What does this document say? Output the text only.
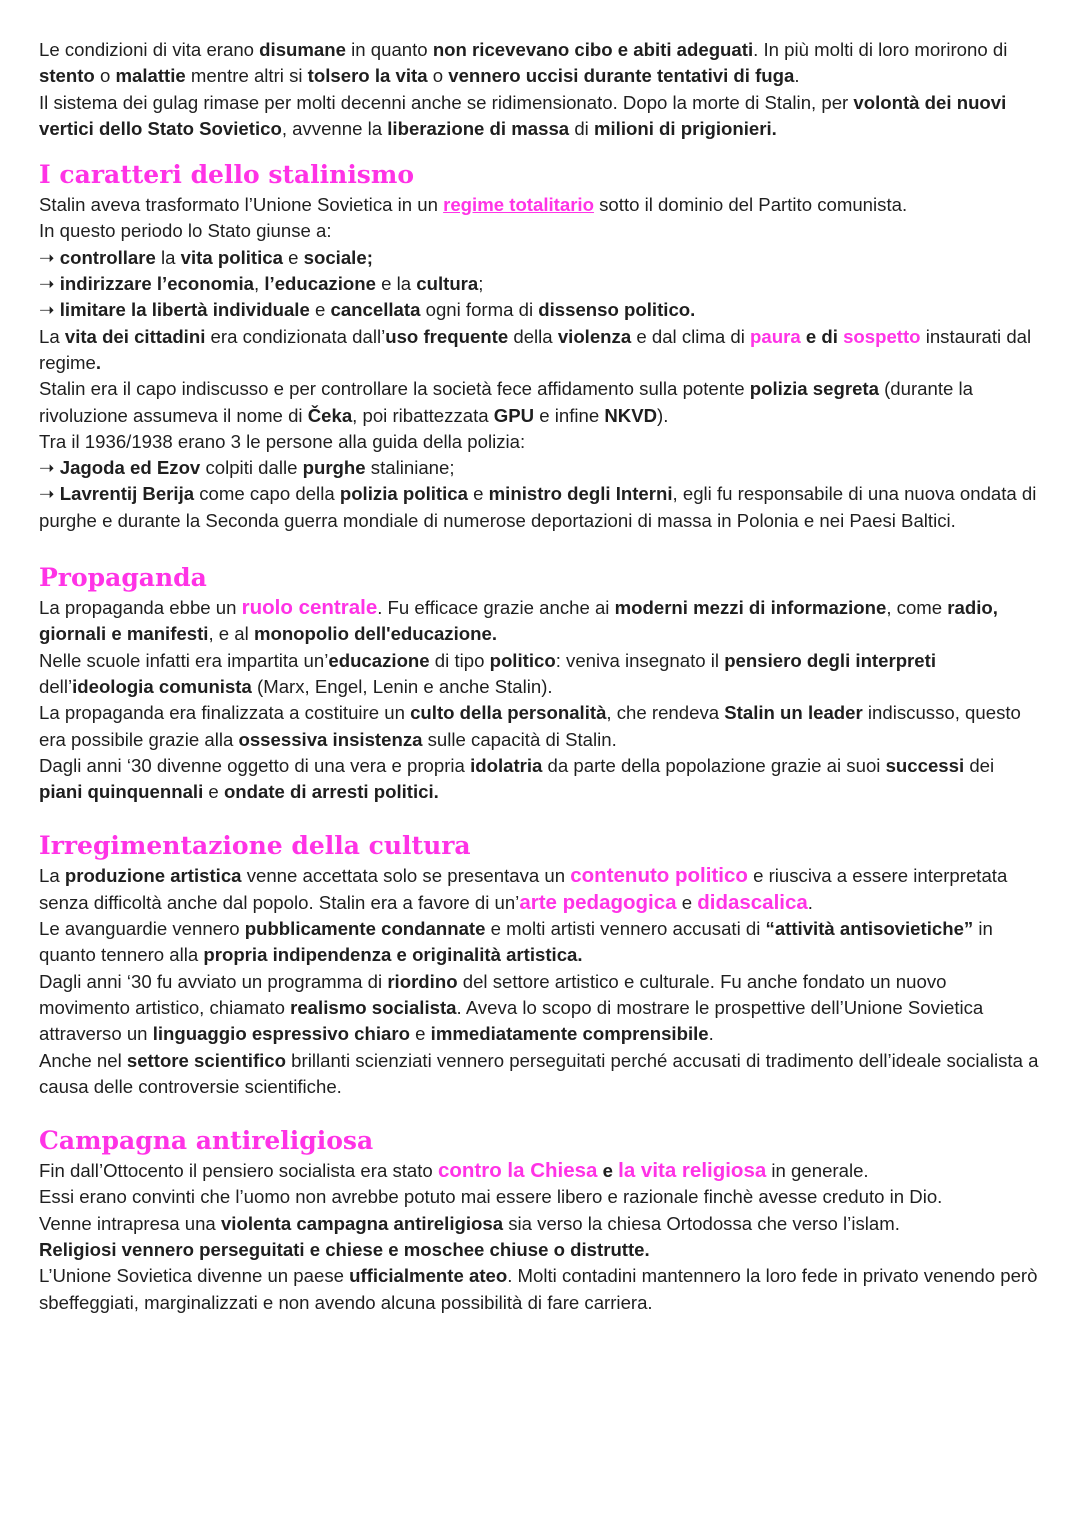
Le condizioni di vita erano disumane in quanto non ricevevano cibo e abiti adeguati. In più molti di loro morirono di stento o malattie mentre altri si tolsero la vita o vennero uccisi durante tentativi di fuga.

Il sistema dei gulag rimase per molti decenni anche se ridimensionato. Dopo la morte di Stalin, per volontà dei nuovi vertici dello Stato Sovietico, avvenne la liberazione di massa di milioni di prigionieri.

I caratteri dello stalinismo

Stalin aveva trasformato l’Unione Sovietica in un regime totalitario sotto il dominio del Partito comunista.

In questo periodo lo Stato giunse a:

➝ controllare la vita politica e sociale;

➝ indirizzare l’economia, l’educazione e la cultura;

➝ limitare la libertà individuale e cancellata ogni forma di dissenso politico.

La vita dei cittadini era condizionata dall’uso frequente della violenza e dal clima di paura e di sospetto instaurati dal regime.

Stalin era il capo indiscusso e per controllare la società fece affidamento sulla potente polizia segreta (durante la rivoluzione assumeva il nome di Čeka, poi ribattezzata GPU e infine NKVD).

Tra il 1936/1938 erano 3 le persone alla guida della polizia:

➝ Jagoda ed Ezov colpiti dalle purghe staliniane;

➝ Lavrentij Berija come capo della polizia politica e ministro degli Interni, egli fu responsabile di una nuova ondata di purghe e durante la Seconda guerra mondiale di numerose deportazioni di massa in Polonia e nei Paesi Baltici.

Propaganda

La propaganda ebbe un ruolo centrale. Fu efficace grazie anche ai moderni mezzi di informazione, come radio, giornali e manifesti, e al monopolio dell'educazione.

Nelle scuole infatti era impartita un’educazione di tipo politico: veniva insegnato il pensiero degli interpreti dell’ideologia comunista (Marx, Engel, Lenin e anche Stalin).

La propaganda era finalizzata a costituire un culto della personalità, che rendeva Stalin un leader indiscusso, questo era possibile grazie alla ossessiva insistenza sulle capacità di Stalin.

Dagli anni ‘30 divenne oggetto di una vera e propria idolatria da parte della popolazione grazie ai suoi successi dei piani quinquennali e ondate di arresti politici.

Irregimentazione della cultura

La produzione artistica venne accettata solo se presentava un contenuto politico e riusciva a essere interpretata senza difficoltà anche dal popolo. Stalin era a favore di un’arte pedagogica e didascalica.

Le avanguardie vennero pubblicamente condannate e molti artisti vennero accusati di “attività antisovietiche” in quanto tennero alla propria indipendenza e originalità artistica.

Dagli anni ‘30 fu avviato un programma di riordino del settore artistico e culturale. Fu anche fondato un nuovo movimento artistico, chiamato realismo socialista. Aveva lo scopo di mostrare le prospettive dell’Unione Sovietica attraverso un linguaggio espressivo chiaro e immediatamente comprensibile.

Anche nel settore scientifico brillanti scienziati vennero perseguitati perché accusati di tradimento dell’ideale socialista a causa delle controversie scientifiche.

Campagna antireligiosa

Fin dall’Ottocento il pensiero socialista era stato contro la Chiesa e la vita religiosa in generale.

Essi erano convinti che l’uomo non avrebbe potuto mai essere libero e razionale finchè avesse creduto in Dio.

Venne intrapresa una violenta campagna antireligiosa sia verso la chiesa Ortodossa che verso l’islam.

Religiosi vennero perseguitati e chiese e moschee chiuse o distrutte.

L’Unione Sovietica divenne un paese ufficialmente ateo. Molti contadini mantennero la loro fede in privato venendo però sbeffeggiati, marginalizzati e non avendo alcuna possibilità di fare carriera.
